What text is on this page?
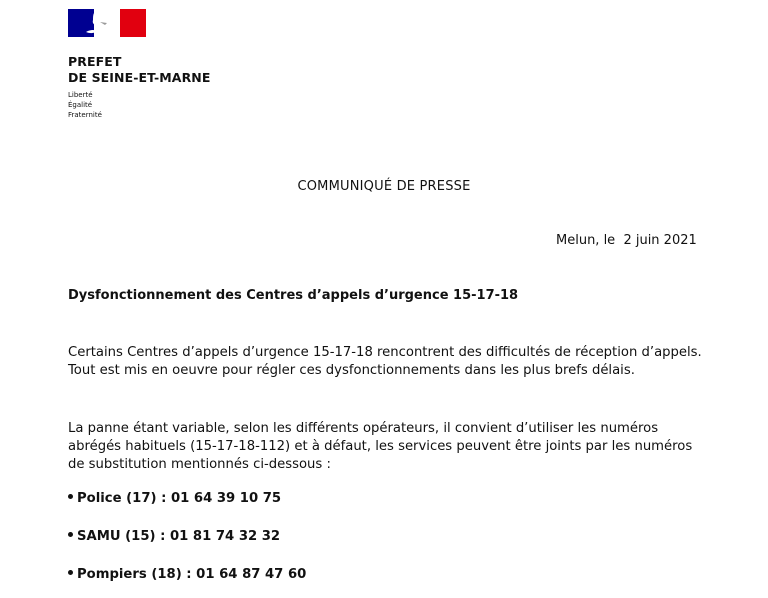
PREFET
DE SEINE-ET-MARNE
Liberté
Égalité
Fraternité
COMMUNIQUÉ DE PRESSE
Melun, le  2 juin 2021
Dysfonctionnement des Centres d’appels d’urgence 15-17-18
Certains Centres d’appels d’urgence 15-17-18 rencontrent des difficultés de réception d’appels. Tout est mis en oeuvre pour régler ces dysfonctionnements dans les plus brefs délais.
La panne étant variable, selon les différents opérateurs, il convient d’utiliser les numéros abrégés habituels (15-17-18-112) et à défaut, les services peuvent être joints par les numéros de substitution mentionnés ci-dessous :
Police (17) : 01 64 39 10 75
SAMU (15) : 01 81 74 32 32
Pompiers (18) : 01 64 87 47 60
